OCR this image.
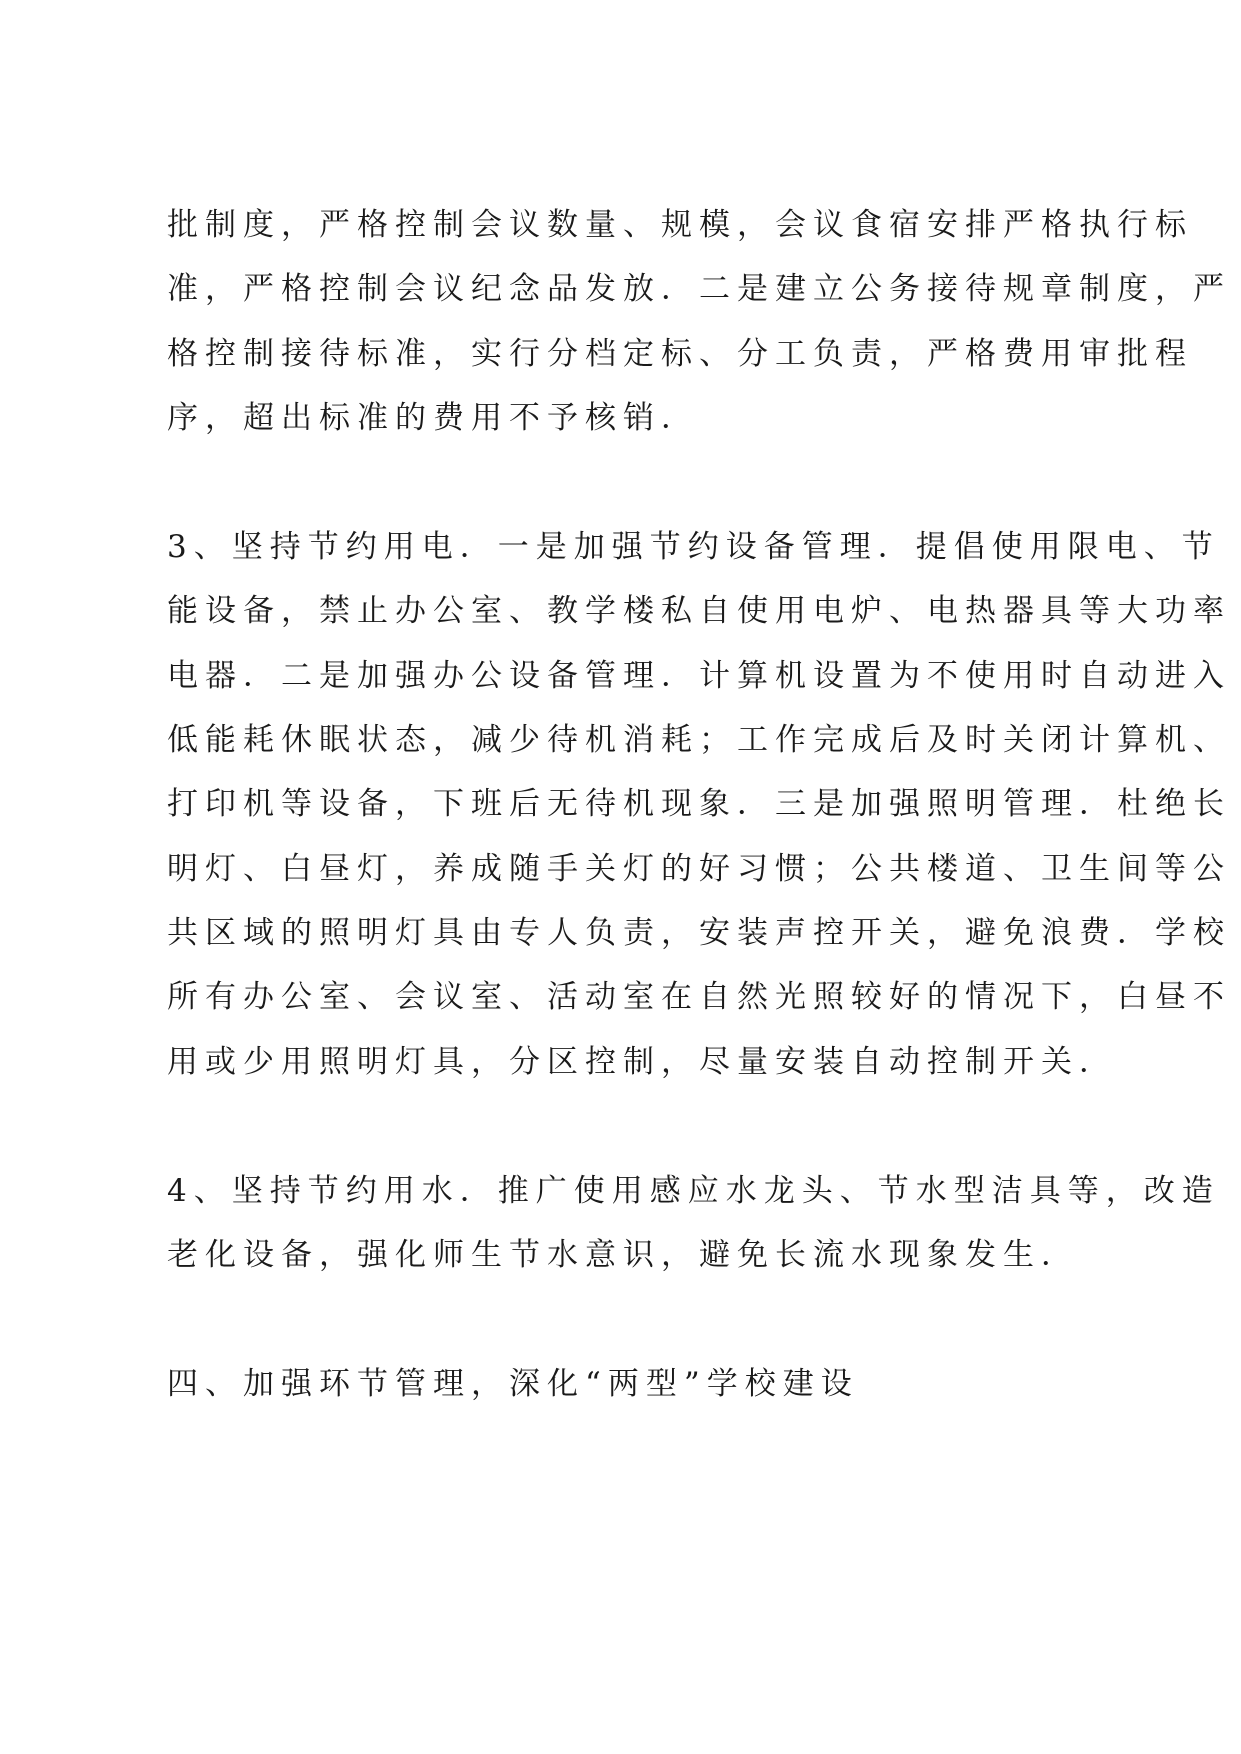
批制度，严格控制会议数量、规模，会议食宿安排严格执行标
准，严格控制会议纪念品发放．二是建立公务接待规章制度，严
格控制接待标准，实行分档定标、分工负责，严格费用审批程
序，超出标准的费用不予核销．
3、坚持节约用电．一是加强节约设备管理．提倡使用限电、节
能设备，禁止办公室、教学楼私自使用电炉、电热器具等大功率
电器．二是加强办公设备管理．计算机设置为不使用时自动进入
低能耗休眠状态，减少待机消耗；工作完成后及时关闭计算机、
打印机等设备，下班后无待机现象．三是加强照明管理．杜绝长
明灯、白昼灯，养成随手关灯的好习惯；公共楼道、卫生间等公
共区域的照明灯具由专人负责，安装声控开关，避免浪费．学校
所有办公室、会议室、活动室在自然光照较好的情况下，白昼不
用或少用照明灯具，分区控制，尽量安装自动控制开关．
4、坚持节约用水．推广使用感应水龙头、节水型洁具等，改造
老化设备，强化师生节水意识，避免长流水现象发生．
四、加强环节管理，深化“两型”学校建设
